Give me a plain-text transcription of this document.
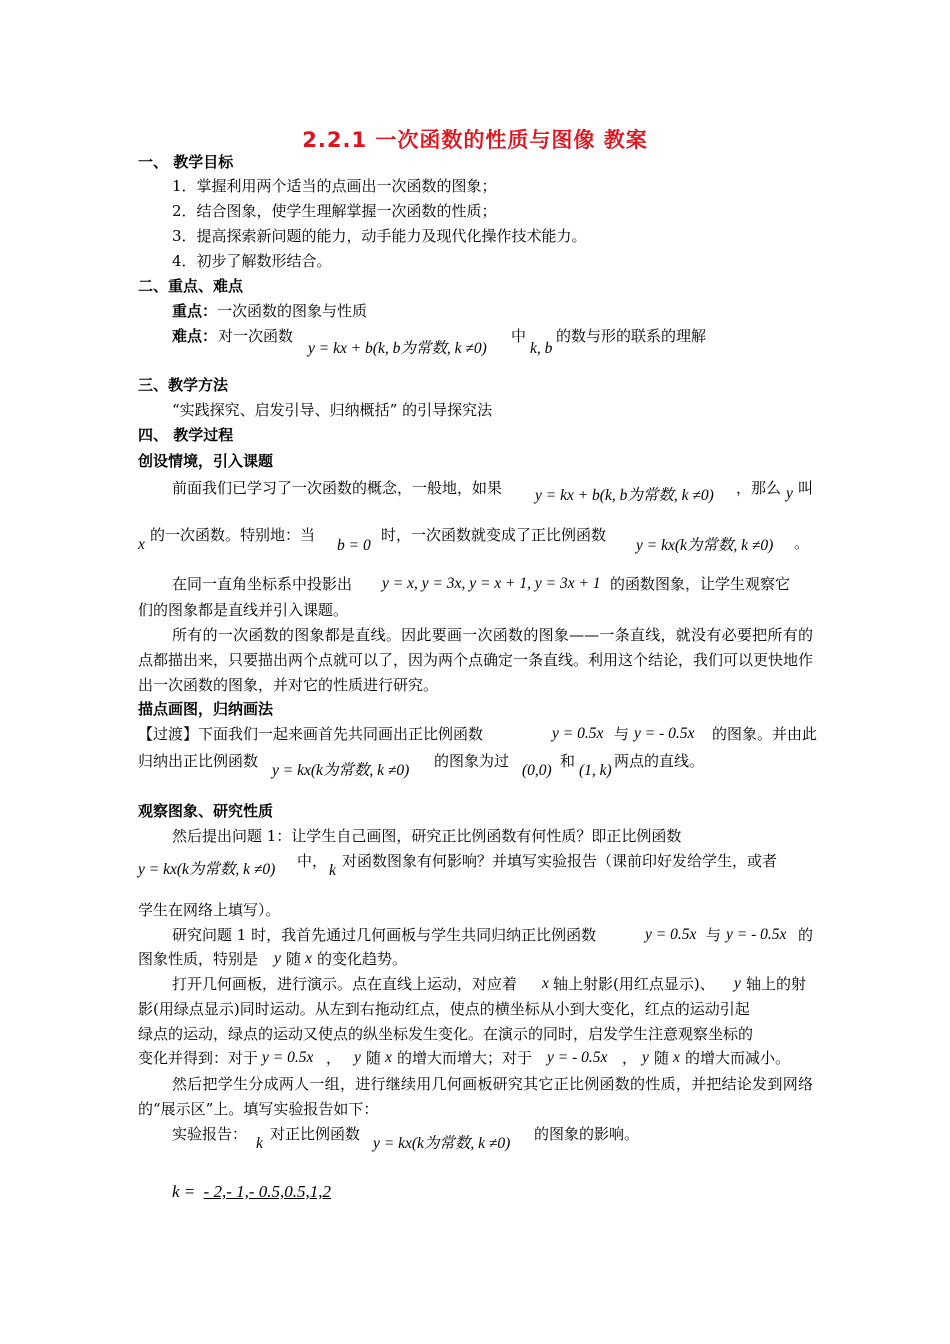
2.2.1 一次函数的性质与图像 教案
一、 教学目标
1．掌握利用两个适当的点画出一次函数的图象；
2．结合图象，使学生理解掌握一次函数的性质；
3．提高探索新问题的能力，动手能力及现代化操作技术能力。
4．初步了解数形结合。
二、重点、难点
重点：一次函数的图象与性质
难点： 对一次函数
y = kx + b(k, b为常数, k ≠0)
中
k, b
的数与形的联系的理解
三、教学方法
“实践探究、启发引导、归纳概括” 的引导探究法
四、 教学过程
创设情境，引入课题
前面我们已学习了一次函数的概念，一般地，如果 y = kx + b(k, b为常数, k ≠0) ，那么 y 叫
x
的一次函数。特别地：当
b = 0
时，一次函数就变成了正比例函数
y = kx(k为常数, k ≠0) 。
在同一直角坐标系中投影出 y = x, y = 3x, y = x + 1, y = 3x + 1 的函数图象，让学生观察它
们的图象都是直线并引入课题。
所有的一次函数的图象都是直线。因此要画一次函数的图象——一条直线，就没有必要把所有的点都描出来，只要描出两个点就可以了，因为两个点确定一条直线。利用这个结论，我们可以更快地作出一次函数的图象，并对它的性质进行研究。
描点画图，归纳画法
【过渡】下面我们一起来画首先共同画出正比例函数	y = 0.5x 与 y = - 0.5x 的图象。并由此
归纳出正比例函数
y = kx(k为常数, k ≠0)
的图象为过
(0,0)
和
(1, k)
两点的直线。
观察图象、研究性质
然后提出问题 1：让学生自己画图，研究正比例函数有何性质？即正比例函数
y = kx(k为常数, k ≠0) 中，
k
对函数图象有何影响？并填写实验报告（课前印好发给学生，或者
学生在网络上填写）。
研究问题 1 时，我首先通过几何画板与学生共同归纳正比例函数	y = 0.5x 与 y = - 0.5x 的
图象性质，特别是 y 随 x 的变化趋势。
打开几何画板，进行演示。点在直线上运动，对应着 x 轴上射影(用红点显示)、 y 轴上的射
影(用绿点显示)同时运动。从左到右拖动红点，使点的横坐标从小到大变化，红点的运动引起
绿点的运动，绿点的运动又使点的纵坐标发生变化。在演示的同时，启发学生注意观察坐标的
变化并得到：对于 y = 0.5x ， y 随 x 的增大而增大；对于 y = - 0.5x ， y 随 x 的增大而减小。
然后把学生分成两人一组，进行继续用几何画板研究其它正比例函数的性质，并把结论发到网络的“展示区”上。填写实验报告如下：
实验报告：
k
对正比例函数
y = kx(k为常数, k ≠0)
的图象的影响。
k = - 2,- 1,- 0.5,0.5,1,2
